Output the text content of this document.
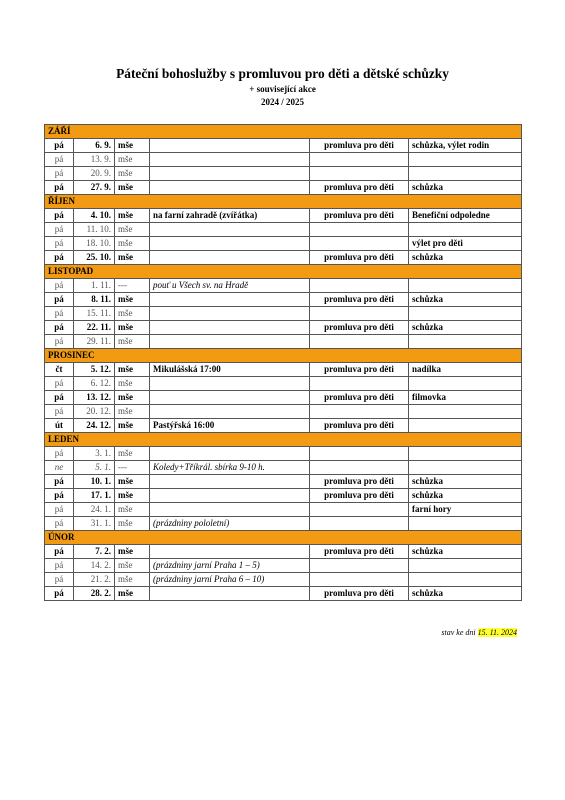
Páteční bohoslužby s promluvou pro děti a dětské schůzky
+ související akce
2024 / 2025
ZÁŘÍ					
pá	6. 9.	mše		promluva pro děti	schůzka, výlet rodin
pá	13. 9.	mše			
pá	20. 9.	mše			
pá	27. 9.	mše		promluva pro děti	schůzka
ŘÍJEN					
pá	4. 10.	mše	na farní zahradě (zvířátka)	promluva pro děti	Benefiční odpoledne
pá	11. 10.	mše			
pá	18. 10.	mše			výlet pro děti
pá	25. 10.	mše		promluva pro děti	schůzka
LISTOPAD					
pá	1. 11.	---	pouť u Všech sv. na Hradě		
pá	8. 11.	mše		promluva pro děti	schůzka
pá	15. 11.	mše			
pá	22. 11.	mše		promluva pro děti	schůzka
pá	29. 11.	mše			
PROSINEC					
čt	5. 12.	mše	Mikulášská 17:00	promluva pro děti	nadílka
pá	6. 12.	mše			
pá	13. 12.	mše		promluva pro děti	filmovka
pá	20. 12.	mše			
út	24. 12.	mše	Pastýřská 16:00	promluva pro děti	
LEDEN					
pá	3. 1.	mše			
ne	5. 1.	---	Koledy+Tříkrál. sbírka 9-10 h.		
pá	10. 1.	mše		promluva pro děti	schůzka
pá	17. 1.	mše		promluva pro děti	schůzka
pá	24. 1.	mše			farní hory
pá	31. 1.	mše	(prázdniny pololetní)		
ÚNOR					
pá	7. 2.	mše		promluva pro děti	schůzka
pá	14. 2.	mše	(prázdniny jarní Praha 1 – 5)		
pá	21. 2.	mše	(prázdniny jarní Praha 6 – 10)		
pá	28. 2.	mše		promluva pro děti	schůzka
stav ke dni 15. 11. 2024
